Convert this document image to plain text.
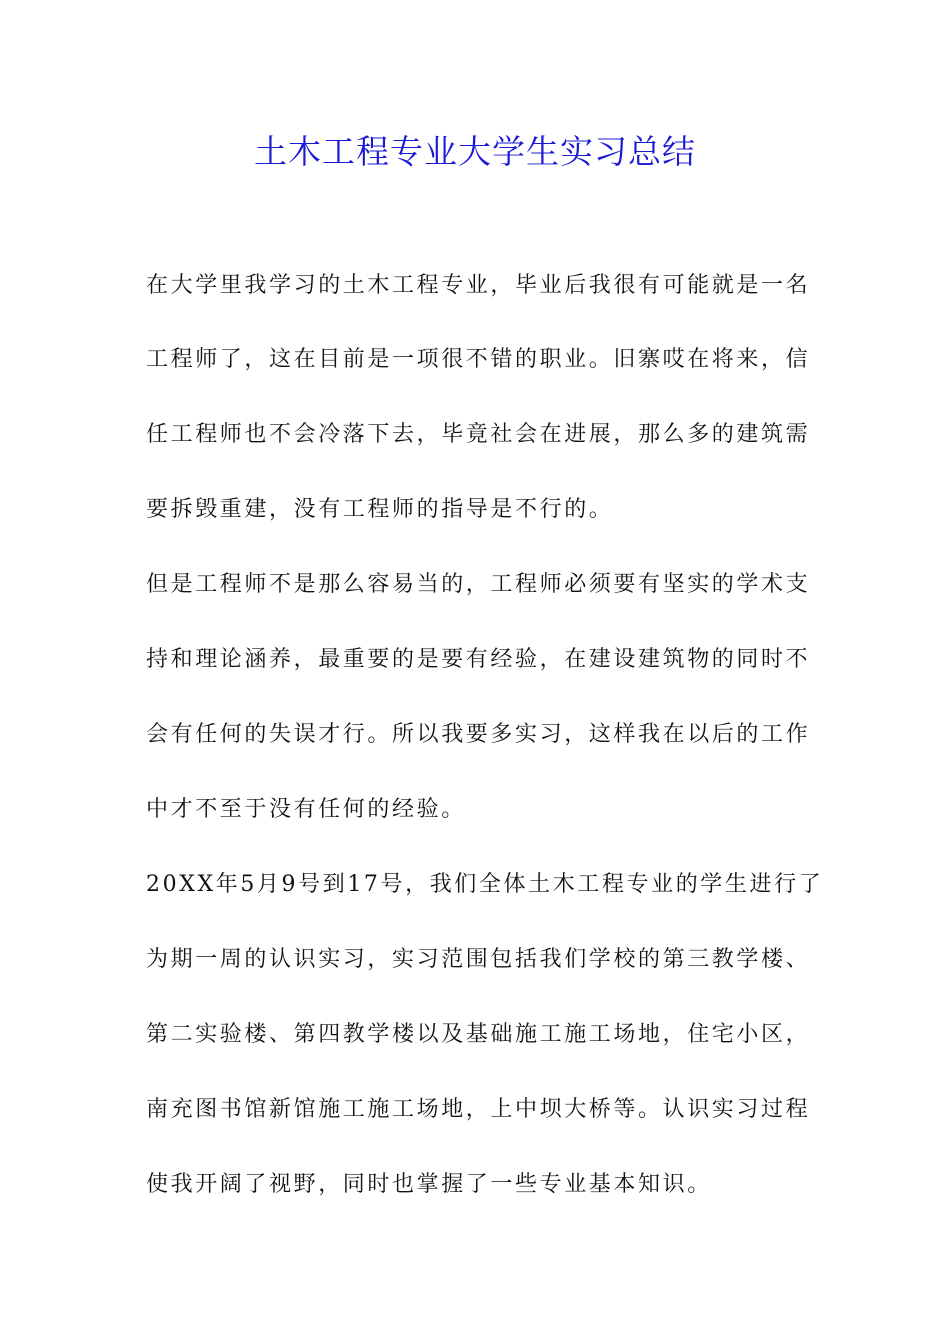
土木工程专业大学生实习总结
在大学里我学习的土木工程专业，毕业后我很有可能就是一名
工程师了，这在目前是一项很不错的职业。旧寨哎在将来，信
任工程师也不会冷落下去，毕竟社会在进展，那么多的建筑需
要拆毁重建，没有工程师的指导是不行的。
但是工程师不是那么容易当的，工程师必须要有坚实的学术支
持和理论涵养，最重要的是要有经验，在建设建筑物的同时不
会有任何的失误才行。所以我要多实习，这样我在以后的工作
中才不至于没有任何的经验。
20XX年5月9号到17号，我们全体土木工程专业的学生进行了
为期一周的认识实习，实习范围包括我们学校的第三教学楼、
第二实验楼、第四教学楼以及基础施工施工场地，住宅小区，
南充图书馆新馆施工施工场地，上中坝大桥等。认识实习过程
使我开阔了视野，同时也掌握了一些专业基本知识。
